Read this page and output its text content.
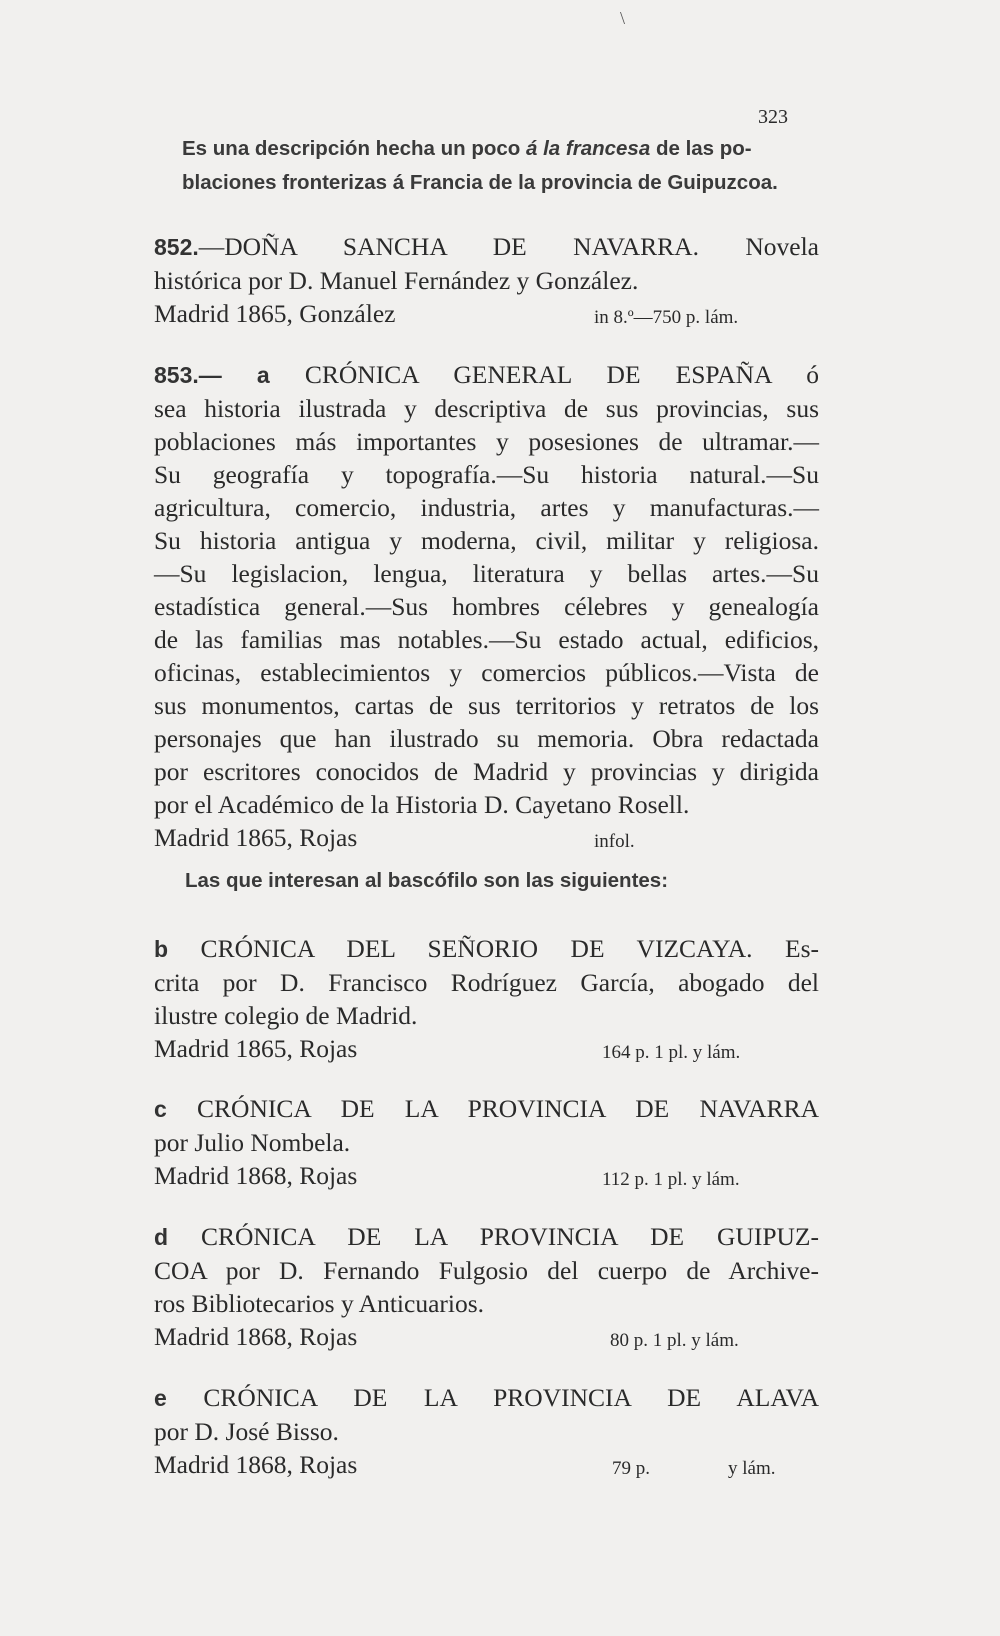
\
323
Es una descripción hecha un poco á la francesa de las po-
blaciones fronterizas á Francia de la provincia de Guipuzcoa.

852.—DOÑA SANCHA DE NAVARRA. Novela

histórica por D. Manuel Fernández y González.

Madrid 1865, González	in 8.º—750 p. lám.

853.— a CRÓNICA GENERAL DE ESPAÑA ó

sea historia ilustrada y descriptiva de sus provincias, sus

poblaciones más importantes y posesiones de ultramar.—

Su geografía y topografía.—Su historia natural.—Su

agricultura, comercio, industria, artes y manufacturas.—

Su historia antigua y moderna, civil, militar y religiosa.

—Su legislacion, lengua, literatura y bellas artes.—Su

estadística general.—Sus hombres célebres y genealogía

de las familias mas notables.—Su estado actual, edificios,

oficinas, establecimientos y comercios públicos.—Vista de

sus monumentos, cartas de sus territorios y retratos de los

personajes que han ilustrado su memoria. Obra redactada

por escritores conocidos de Madrid y provincias y dirigida

por el Académico de la Historia D. Cayetano Rosell.

Madrid 1865, Rojas	infol.
Las que interesan al bascófilo son las siguientes:

b CRÓNICA DEL SEÑORIO DE VIZCAYA. Es-

crita por D. Francisco Rodríguez García, abogado del

ilustre colegio de Madrid.

Madrid 1865, Rojas	164 p. 1 pl. y lám.

c CRÓNICA DE LA PROVINCIA DE NAVARRA

por Julio Nombela.

Madrid 1868, Rojas	112 p. 1 pl. y lám.

d CRÓNICA DE LA PROVINCIA DE GUIPUZ-

COA por D. Fernando Fulgosio del cuerpo de Archive-

ros Bibliotecarios y Anticuarios.

Madrid 1868, Rojas	80 p. 1 pl. y lám.

e CRÓNICA DE LA PROVINCIA DE ALAVA

por D. José Bisso.

Madrid 1868, Rojas	79 p.	y lám.
